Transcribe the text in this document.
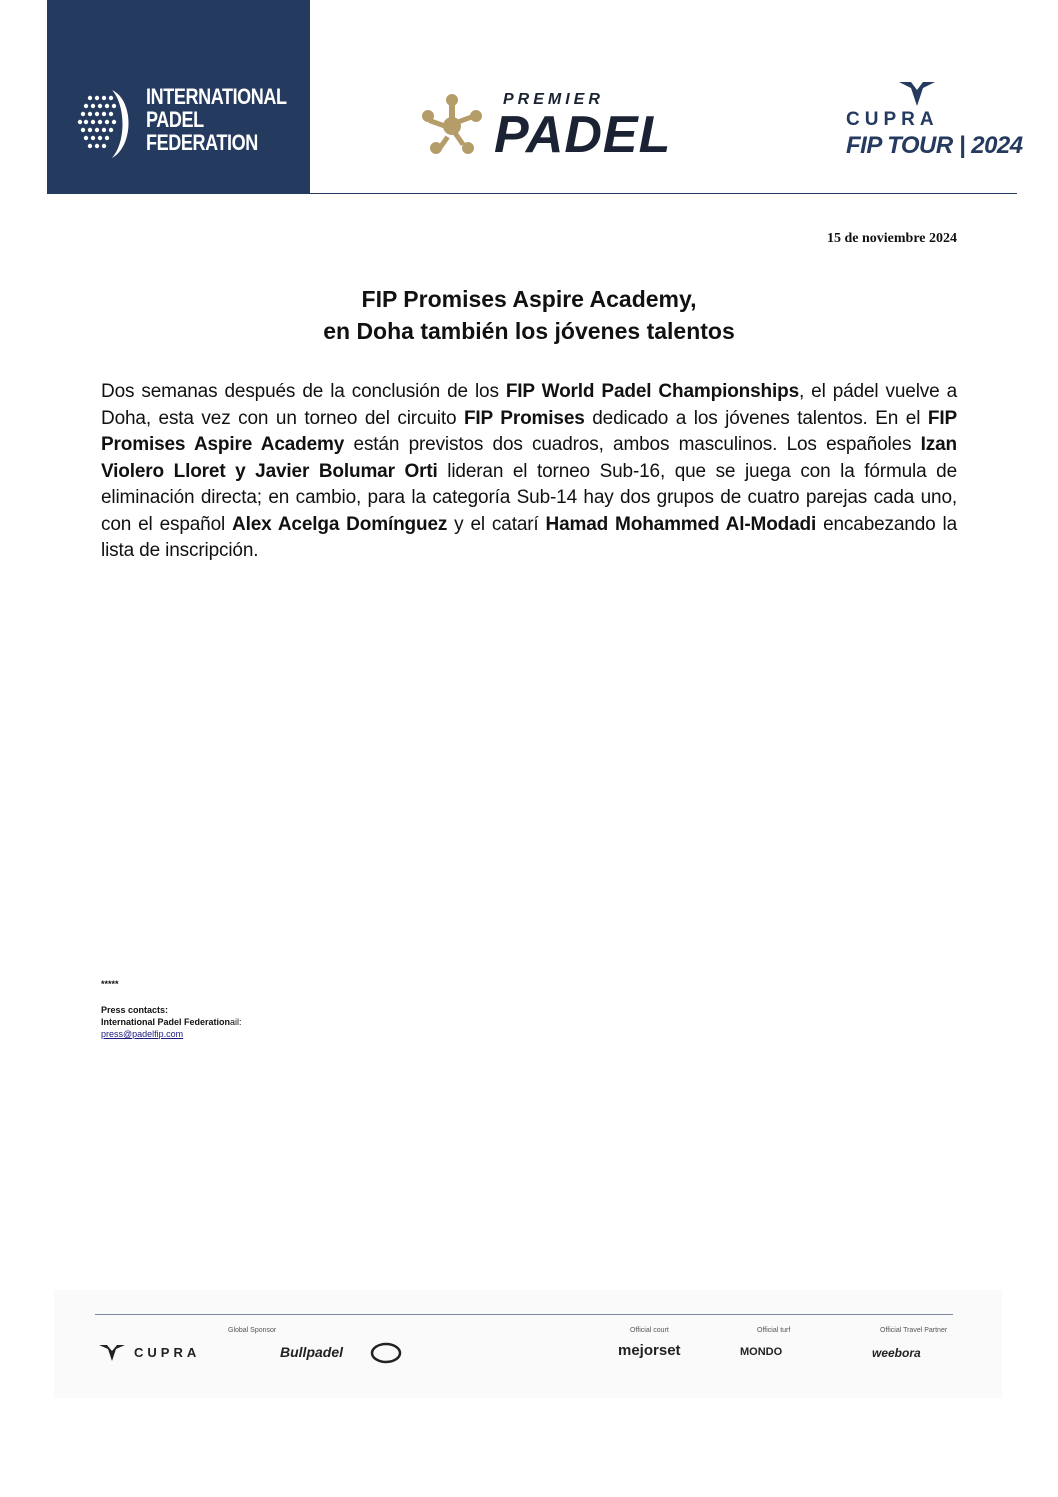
INTERNATIONAL
PADEL
FEDERATION
PREMIER
PADEL	CUPRA
FIP TOUR | 2024
15 de noviembre 2024
FIP Promises Aspire Academy,
en Doha también los jóvenes talentos
Dos semanas después de la conclusión de los FIP World Padel Championships, el pádel vuelve a Doha, esta vez con un torneo del circuito FIP Promises dedicado a los jóvenes talentos. En el FIP Promises Aspire Academy están previstos dos cuadros, ambos masculinos. Los españoles Izan Violero Lloret y Javier Bolumar Orti lideran el torneo Sub-16, que se juega con la fórmula de eliminación directa; en cambio, para la categoría Sub-14 hay dos grupos de cuatro parejas cada uno, con el español Alex Acelga Domínguez y el catarí Hamad Mohammed Al-Modadi encabezando la lista de inscripción.
*****
Press contacts:
International Padel Federationail:
press@padelfip.com
Global Sponsor	Official court	Official turf	Official Travel Partner
CUPRA	Bullpadel	mejorset	MONDO	weebora
